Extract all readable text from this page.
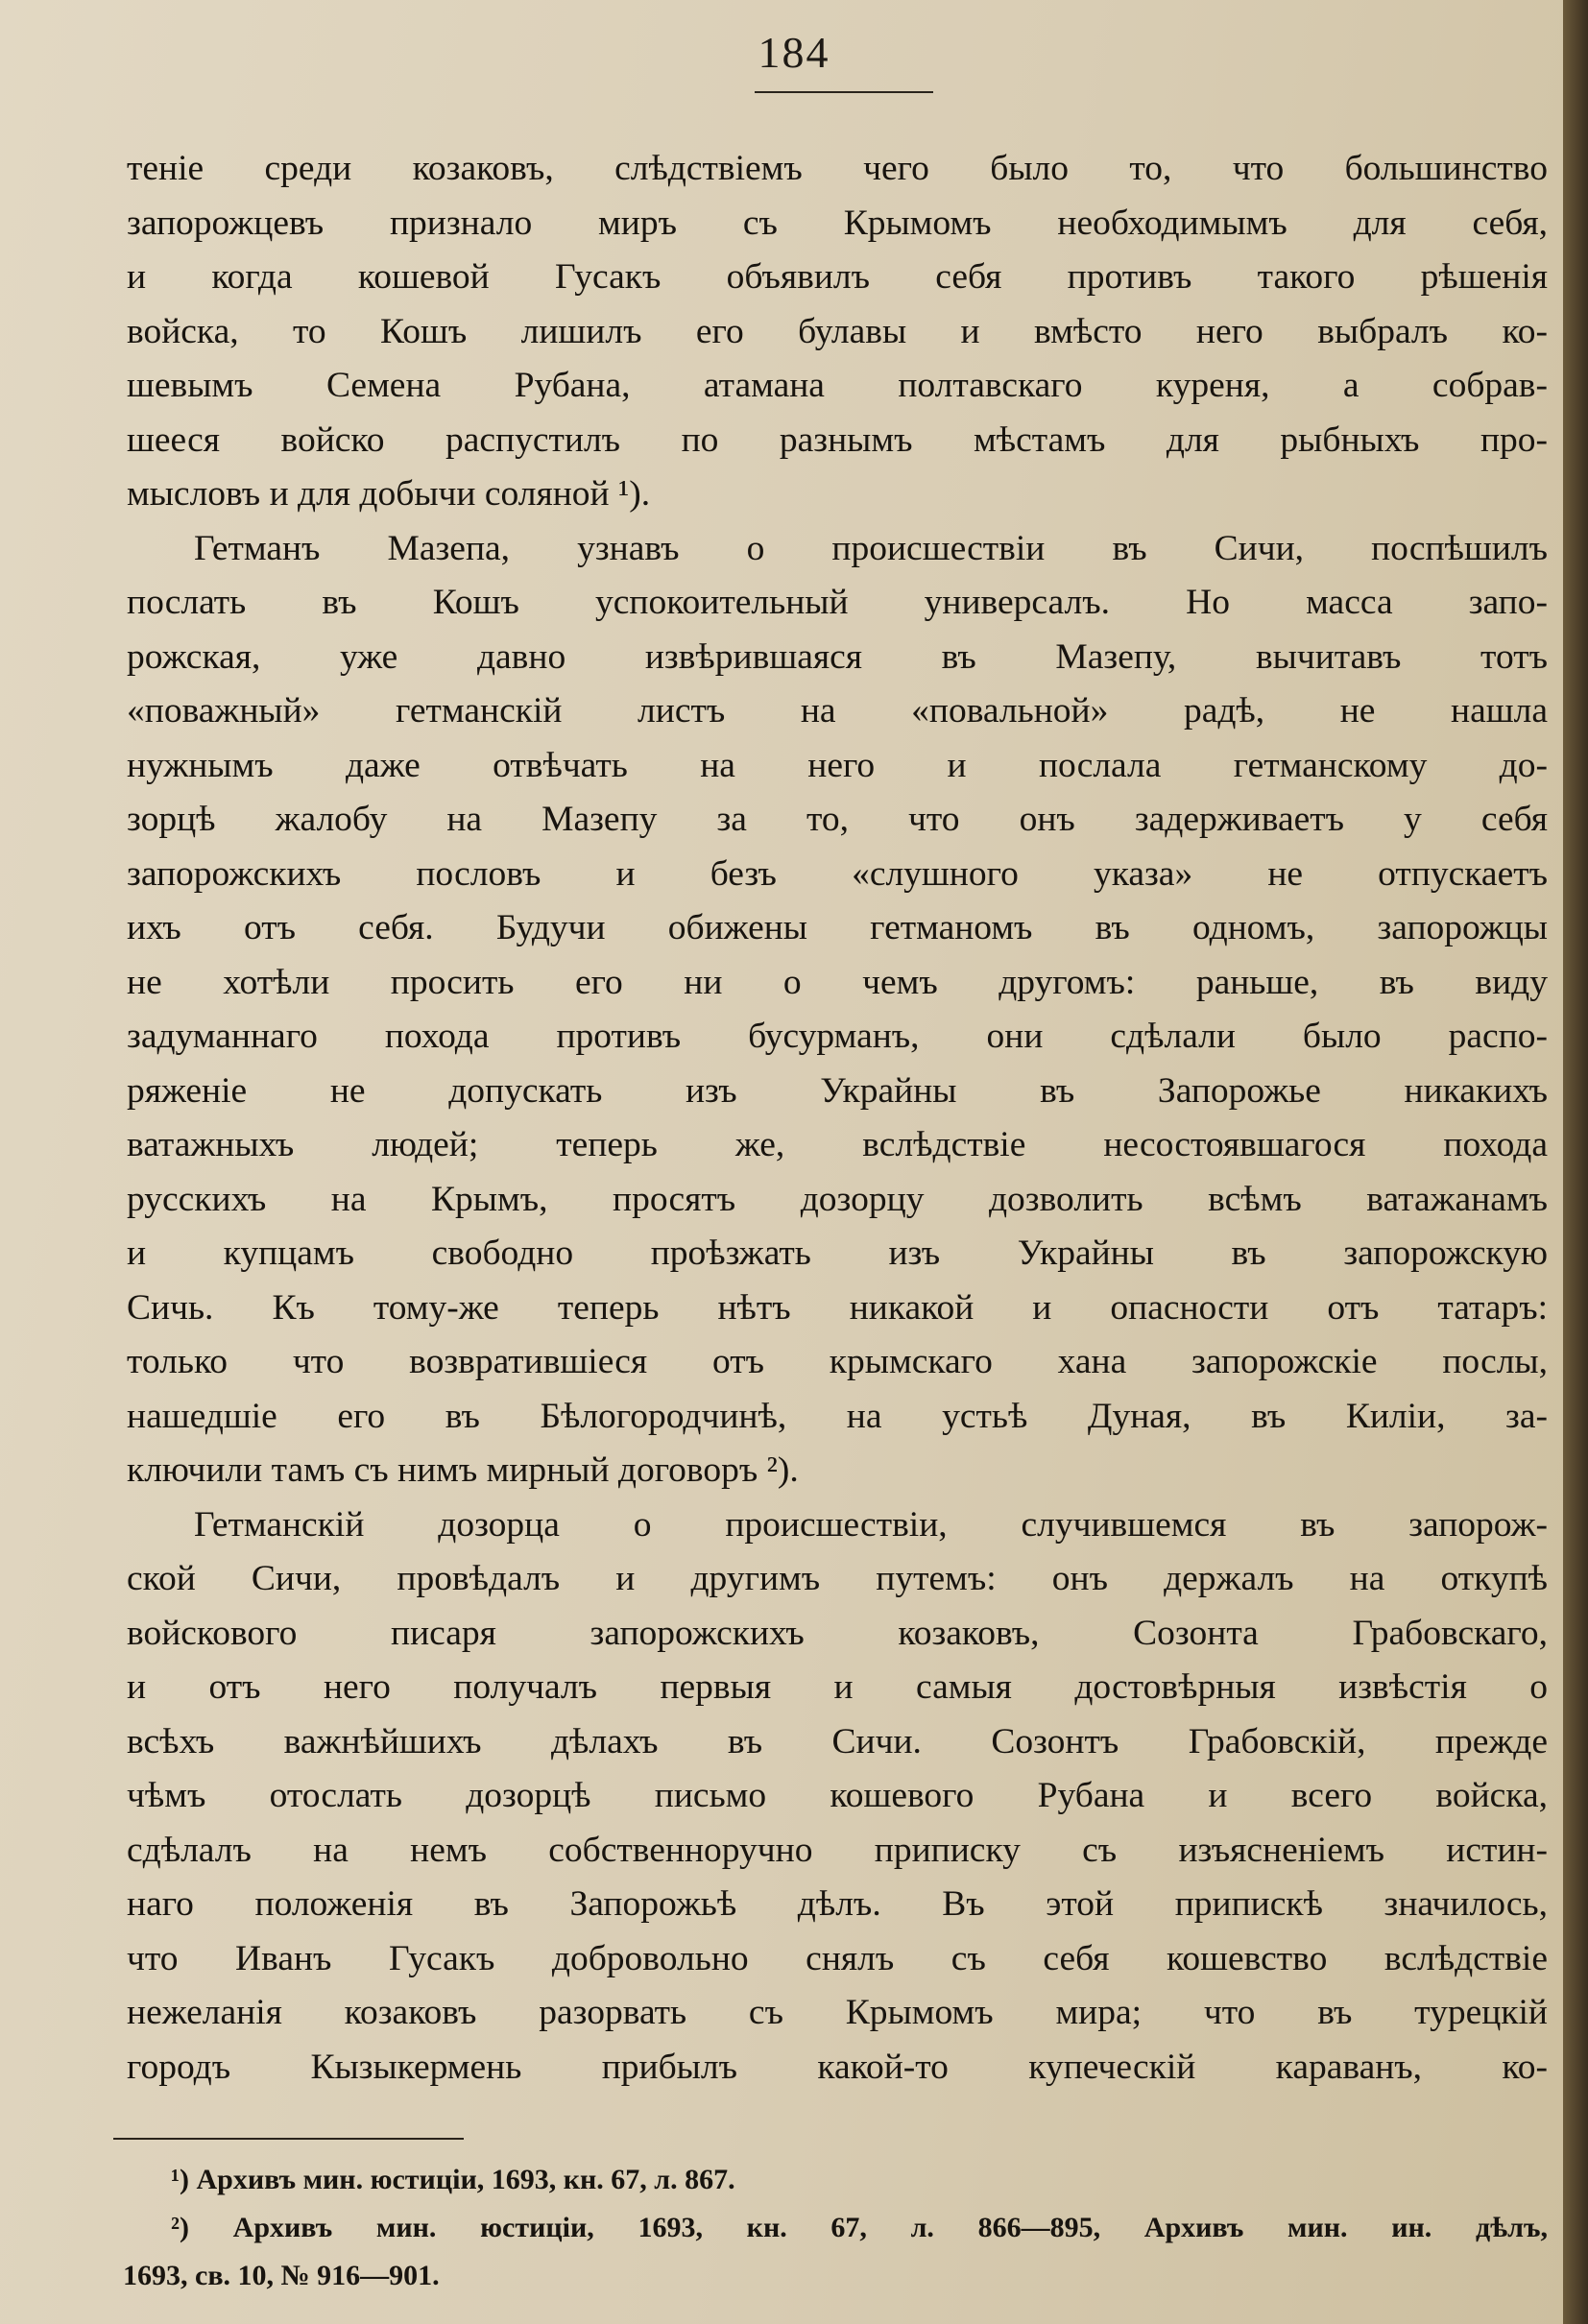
184
теніе среди козаковъ, слѣдствіемъ чего было то, что большинство
запорожцевъ признало миръ съ Крымомъ необходимымъ для себя,
и когда кошевой Гусакъ объявилъ себя противъ такого рѣшенія
войска, то Кошъ лишилъ его булавы и вмѣсто него выбралъ ко-
шевымъ Семена Рубана, атамана полтавскаго куреня, а собрав-
шееся войско распустилъ по разнымъ мѣстамъ для рыбныхъ про-
мысловъ и для добычи соляной ¹).
Гетманъ Мазепа, узнавъ о происшествіи въ Сичи, поспѣшилъ
послать въ Кошъ успокоительный универсалъ. Но масса запо-
рожская, уже давно извѣрившаяся въ Мазепу, вычитавъ тотъ
«поважный» гетманскій листъ на «повальной» радѣ, не нашла
нужнымъ даже отвѣчать на него и послала гетманскому до-
зорцѣ жалобу на Мазепу за то, что онъ задерживаетъ у себя
запорожскихъ пословъ и безъ «слушного указа» не отпускаетъ
ихъ отъ себя. Будучи обижены гетманомъ въ одномъ, запорожцы
не хотѣли просить его ни о чемъ другомъ: раньше, въ виду
задуманнаго похода противъ бусурманъ, они сдѣлали было распо-
ряженіе не допускать изъ Украйны въ Запорожье никакихъ
ватажныхъ людей; теперь же, вслѣдствіе несостоявшагося похода
русскихъ на Крымъ, просятъ дозорцу дозволить всѣмъ ватажанамъ
и купцамъ свободно проѣзжать изъ Украйны въ запорожскую
Сичь. Къ тому-же теперь нѣтъ никакой и опасности отъ татаръ:
только что возвратившіеся отъ крымскаго хана запорожскіе послы,
нашедшіе его въ Бѣлогородчинѣ, на устьѣ Дуная, въ Киліи, за-
ключили тамъ съ нимъ мирный договоръ ²).
Гетманскій дозорца о происшествіи, случившемся въ запорож-
ской Сичи, провѣдалъ и другимъ путемъ: онъ держалъ на откупѣ
войскового писаря запорожскихъ козаковъ, Созонта Грабовскаго,
и отъ него получалъ первыя и самыя достовѣрныя извѣстія о
всѣхъ важнѣйшихъ дѣлахъ въ Сичи. Созонтъ Грабовскій, прежде
чѣмъ отослать дозорцѣ письмо кошевого Рубана и всего войска,
сдѣлалъ на немъ собственноручно приписку съ изъясненіемъ истин-
наго положенія въ Запорожьѣ дѣлъ. Въ этой припискѣ значилось,
что Иванъ Гусакъ добровольно снялъ съ себя кошевство вслѣдствіе
нежеланія козаковъ разорвать съ Крымомъ мира; что въ турецкій
городъ Кызыкермень прибылъ какой-то купеческій караванъ, ко-
¹) Архивъ мин. юстиціи, 1693, кн. 67, л. 867.
²) Архивъ мин. юстиціи, 1693, кн. 67, л. 866—895, Архивъ мин. ин. дѣлъ,
1693, св. 10, № 916—901.
